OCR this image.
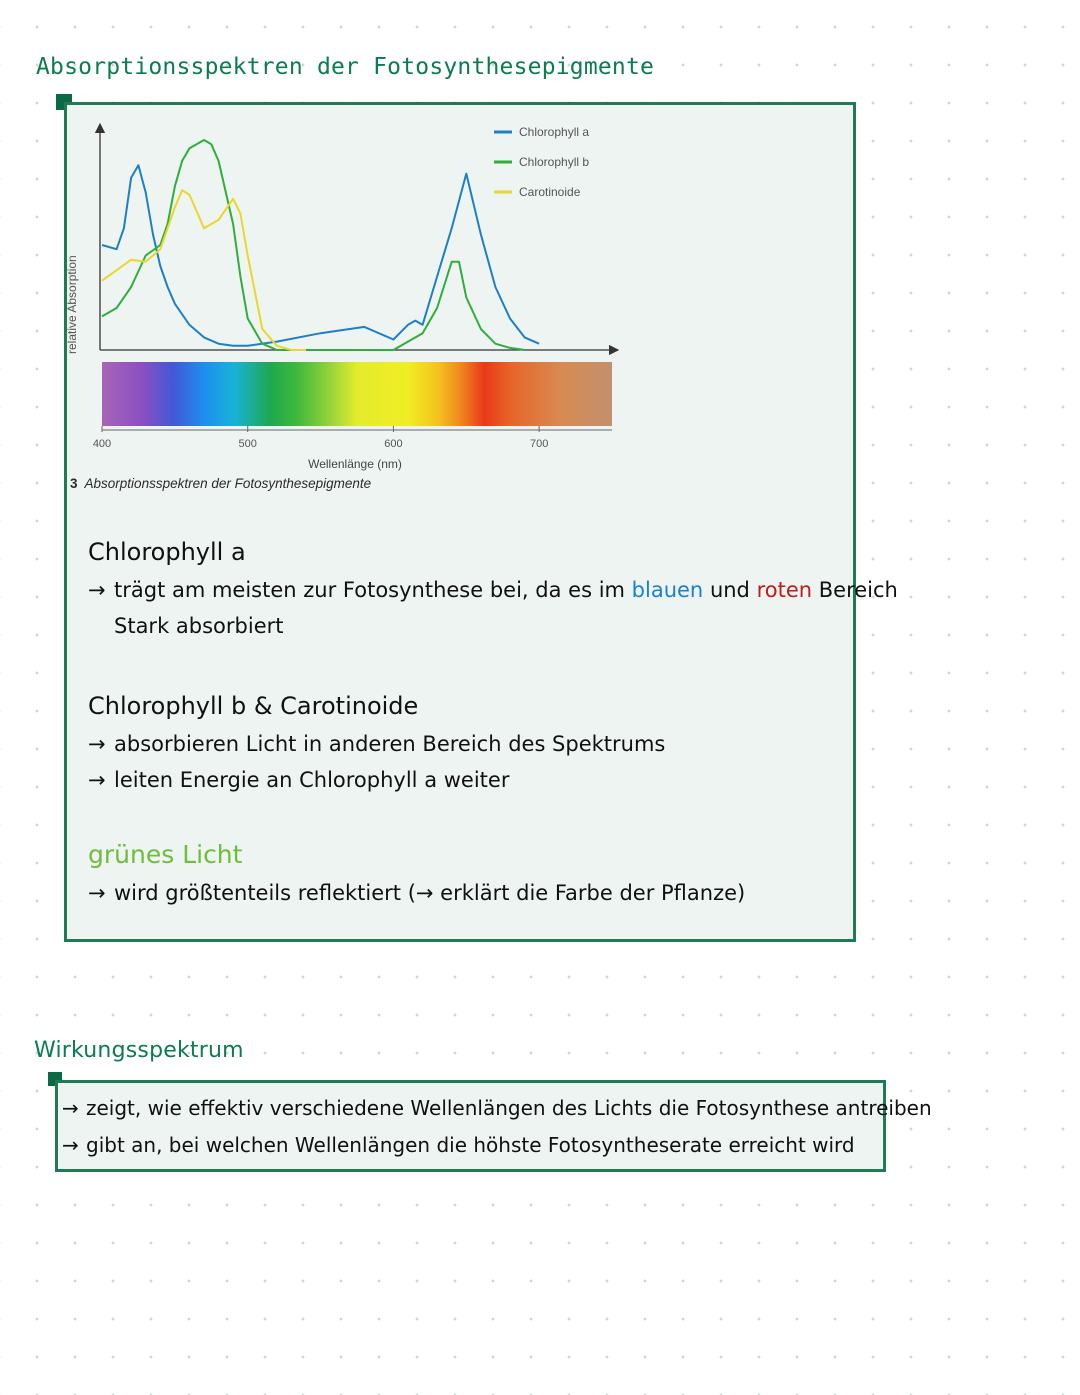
Absorptionsspektren der Fotosynthesepigmente
relative Absorption
400	500	600	700
Wellenlänge (nm)
Chlorophyll a
Chlorophyll b
Carotinoide
3 Absorptionsspektren der Fotosynthesepigmente
Chlorophyll a
→ trägt am meisten zur Fotosynthese bei, da es im blauen und roten Bereich
Stark absorbiert
Chlorophyll b & Carotinoide
→ absorbieren Licht in anderen Bereich des Spektrums
→ leiten Energie an Chlorophyll a weiter
grünes Licht
→ wird größtenteils reflektiert (→ erklärt die Farbe der Pflanze)
Wirkungsspektrum
→ zeigt, wie effektiv verschiedene Wellenlängen des Lichts die Fotosynthese antreiben
→ gibt an, bei welchen Wellenlängen die höhste Fotosyntheserate erreicht wird
